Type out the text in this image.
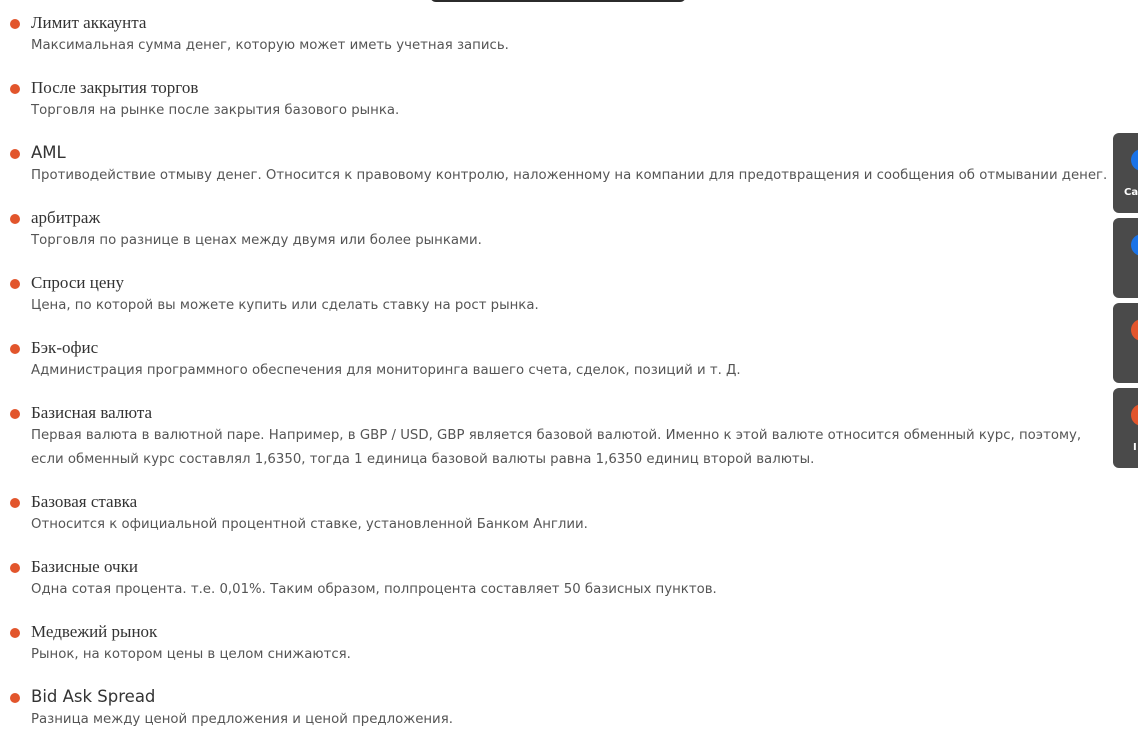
Лимит аккаунта
Максимальная сумма денег, которую может иметь учетная запись.
После закрытия торгов
Торговля на рынке после закрытия базового рынка.
AML
Противодействие отмыву денег. Относится к правовому контролю, наложенному на компании для предотвращения и сообщения об отмывании денег.
арбитраж
Торговля по разнице в ценах между двумя или более рынками.
Спроси цену
Цена, по которой вы можете купить или сделать ставку на рост рынка.
Бэк-офис
Администрация программного обеспечения для мониторинга вашего счета, сделок, позиций и т. Д.
Базисная валюта
Первая валюта в валютной паре. Например, в GBP / USD, GBP является базовой валютой. Именно к этой валюте относится обменный курс, поэтому, если обменный курс составлял 1,6350, тогда 1 единица базовой валюты равна 1,6350 единиц второй валюты.
Базовая ставка
Относится к официальной процентной ставке, установленной Банком Англии.
Базисные очки
Одна сотая процента. т.е. 0,01%. Таким образом, полпроцента составляет 50 базисных пунктов.
Медвежий рынок
Рынок, на котором цены в целом снижаются.
Bid Ask Spread
Разница между ценой предложения и ценой предложения.
Ca
I
